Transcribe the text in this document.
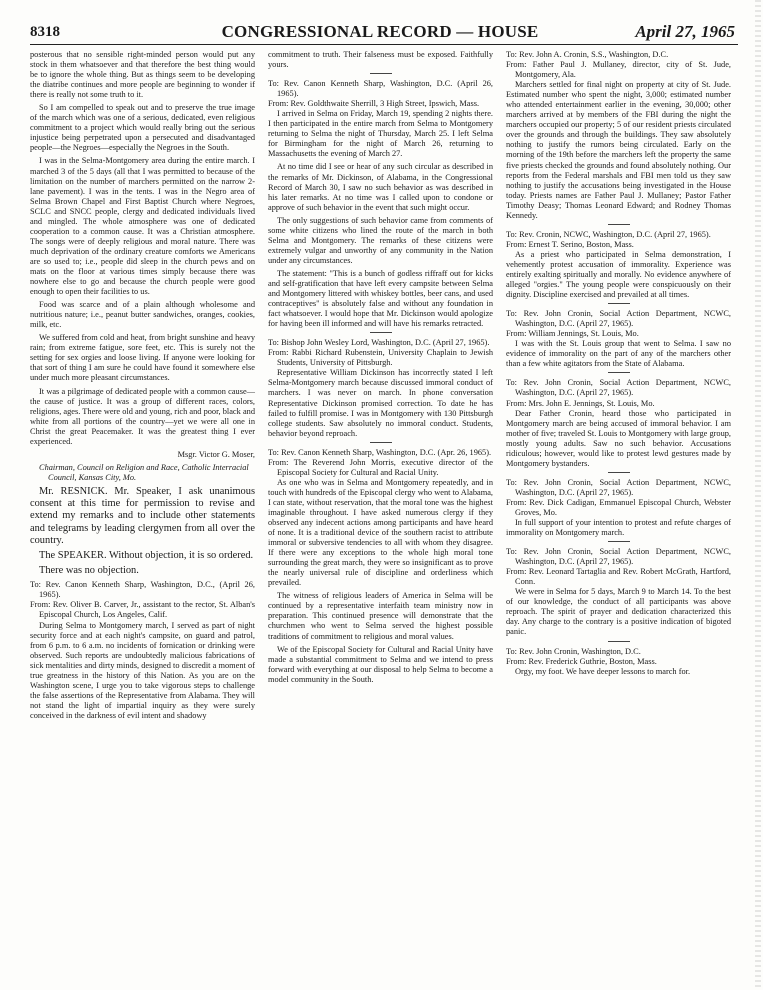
8318	CONGRESSIONAL RECORD — HOUSE	April 27, 1965

posterous that no sensible right-minded person would put any stock in them whatsoever and that therefore the best thing would be to ignore the whole thing. But as things seem to be developing the diatribe continues and more people are beginning to wonder if there is really not some truth to it.

So I am compelled to speak out and to preserve the true image of the march which was one of a serious, dedicated, even religious commitment to a project which would really bring out the serious injustice being perpetrated upon a persecuted and disadvantaged people—the Negroes—especially the Negroes in the South.

I was in the Selma-Montgomery area during the entire march. I marched 3 of the 5 days (all that I was permitted to because of the limitation on the number of marchers permitted on the narrow 2-lane pavement). I was in the tents. I was in the Negro area of Selma Brown Chapel and First Baptist Church where Negroes, SCLC and SNCC people, clergy and dedicated individuals lived and mingled. The whole atmosphere was one of dedicated cooperation to a common cause. It was a Christian atmosphere. The songs were of deeply religious and moral nature. There was much deprivation of the ordinary creature comforts we Americans are so used to; i.e., people did sleep in the church pews and on mats on the floor at various times simply because there was nowhere else to go and because the church people were good enough to open their facilities to us.

Food was scarce and of a plain although wholesome and nutritious nature; i.e., peanut butter sandwiches, oranges, cookies, milk, etc.

We suffered from cold and heat, from bright sunshine and heavy rain; from extreme fatigue, sore feet, etc. This is surely not the setting for sex orgies and loose living. If anyone were looking for that sort of thing I am sure he could have found it somewhere else under much more pleasant circumstances.

It was a pilgrimage of dedicated people with a common cause—the cause of justice. It was a group of different races, colors, religions, ages. There were old and young, rich and poor, black and white from all portions of the country—yet we were all one in Christ the great Peacemaker. It was the greatest thing I ever experienced.

Msgr. Victor G. Moser,

Chairman, Council on Religion and Race, Catholic Interracial Council, Kansas City, Mo.

Mr. RESNICK. Mr. Speaker, I ask unanimous consent at this time for permission to revise and extend my remarks and to include other statements and telegrams by leading clergymen from all over the country.

The SPEAKER. Without objection, it is so ordered.

There was no objection.

To: Rev. Canon Kenneth Sharp, Washington, D.C., (April 26, 1965).

From: Rev. Oliver B. Carver, Jr., assistant to the rector, St. Alban's Episcopal Church, Los Angeles, Calif.

During Selma to Montgomery march, I served as part of night security force and at each night's campsite, on guard and patrol, from 6 p.m. to 6 a.m. no incidents of fornication or drinking were observed. Such reports are undoubtedly malicious fabrications of sick mentalities and dirty minds, designed to discredit a moment of true greatness in the history of this Nation. As you are on the Washington scene, I urge you to take vigorous steps to challenge the false assertions of the Representative from Alabama. They will not stand the light of impartial inquiry as they were surely conceived in the darkness of evil intent and shadowy

commitment to truth. Their falseness must be exposed. Faithfully yours.

To: Rev. Canon Kenneth Sharp, Washington, D.C. (April 26, 1965).

From: Rev. Goldthwaite Sherrill, 3 High Street, Ipswich, Mass.

I arrived in Selma on Friday, March 19, spending 2 nights there. I then participated in the entire march from Selma to Montgomery returning to Selma the night of Thursday, March 25. I left Selma for Birmingham for the night of March 26, returning to Massachusetts the evening of March 27.

At no time did I see or hear of any such circular as described in the remarks of Mr. Dickinson, of Alabama, in the Congressional Record of March 30, I saw no such behavior as was described in his later remarks. At no time was I called upon to condone or approve of such behavior in the event that such might occur.

The only suggestions of such behavior came from comments of some white citizens who lined the route of the march in both Selma and Montgomery. The remarks of these citizens were extremely vulgar and unworthy of any community in the Nation under any circumstances.

The statement: "This is a bunch of godless riffraff out for kicks and self-gratification that have left every campsite between Selma and Montgomery littered with whiskey bottles, beer cans, and used contraceptives" is absolutely false and without any foundation in fact whatsoever. I would hope that Mr. Dickinson would apologize for having been ill informed and will have his remarks retracted.

To: Bishop John Wesley Lord, Washington, D.C. (April 27, 1965).

From: Rabbi Richard Rubenstein, University Chaplain to Jewish Students, University of Pittsburgh.

Representative William Dickinson has incorrectly stated I left Selma-Montgomery march because discussed immoral conduct of marchers. I was never on march. In phone conversation Representative Dickinson promised correction. To date he has failed to fulfill promise. I was in Montgomery with 130 Pittsburgh college students. Saw absolutely no immoral conduct. Students, behavior beyond reproach.

To: Rev. Canon Kenneth Sharp, Washington, D.C. (Apr. 26, 1965).

From: The Reverend John Morris, executive director of the Episcopal Society for Cultural and Racial Unity.

As one who was in Selma and Montgomery repeatedly, and in touch with hundreds of the Episcopal clergy who went to Alabama, I can state, without reservation, that the moral tone was the highest imaginable throughout. I have asked numerous clergy if they observed any indecent actions among participants and have heard of none. It is a traditional device of the southern racist to attribute immoral or subversive tendencies to all with whom they disagree. If there were any exceptions to the whole high moral tone surrounding the great march, they were so insignificant as to prove the nearly universal rule of discipline and orderliness which prevailed.

The witness of religious leaders of America in Selma will be continued by a representative interfaith team ministry now in preparation. This continued presence will demonstrate that the churchmen who went to Selma served the highest possible traditions of commitment to religious and moral values.

We of the Episcopal Society for Cultural and Racial Unity have made a substantial commitment to Selma and we intend to press forward with everything at our disposal to help Selma to become a model community in the South.

To: Rev. John A. Cronin, S.S., Washington, D.C.

From: Father Paul J. Mullaney, director, city of St. Jude, Montgomery, Ala.

Marchers settled for final night on property at city of St. Jude. Estimated number who spent the night, 3,000; estimated number who attended entertainment earlier in the evening, 30,000; other marchers arrived at by members of the FBI during the night the marchers occupied our property; 5 of our resident priests circulated over the grounds and through the buildings. They saw absolutely nothing to justify the rumors being circulated. Early on the morning of the 19th before the marchers left the property the same five priests checked the grounds and found absolutely nothing. Our reports from the Federal marshals and FBI men told us they saw nothing to justify the accusations being investigated in the House today. Priests names are Father Paul J. Mullaney; Pastor Father Timothy Deasy; Thomas Leonard Edward; and Rodney Thomas Kennedy.

To: Rev. Cronin, NCWC, Washington, D.C. (April 27, 1965).

From: Ernest T. Serino, Boston, Mass.

As a priest who participated in Selma demonstration, I vehemently protest accusation of immorality. Experience was entirely exalting spiritually and morally. No evidence anywhere of alleged "orgies." The young people were conspicuously on their dignity. Discipline exercised and prevailed at all times.

To: Rev. John Cronin, Social Action Department, NCWC, Washington, D.C. (April 27, 1965).

From: William Jennings, St. Louis, Mo.

I was with the St. Louis group that went to Selma. I saw no evidence of immorality on the part of any of the marchers other than a few white agitators from the State of Alabama.

To: Rev. John Cronin, Social Action Department, NCWC, Washington, D.C. (April 27, 1965).

From: Mrs. John E. Jennings, St. Louis, Mo.

Dear Father Cronin, heard those who participated in Montgomery march are being accused of immoral behavior. I am mother of five; traveled St. Louis to Montgomery with large group, mostly young adults. Saw no such behavior. Accusations ridiculous; however, would like to protest lewd gestures made by Montgomery bystanders.

To: Rev. John Cronin, Social Action Department, NCWC, Washington, D.C. (April 27, 1965).

From: Rev. Dick Cadigan, Emmanuel Episcopal Church, Webster Groves, Mo.

In full support of your intention to protest and refute charges of immorality on Montgomery march.

To: Rev. John Cronin, Social Action Department, NCWC, Washington, D.C. (April 27, 1965).

From: Rev. Leonard Tartaglia and Rev. Robert McGrath, Hartford, Conn.

We were in Selma for 5 days, March 9 to March 14. To the best of our knowledge, the conduct of all participants was above reproach. The spirit of prayer and dedication characterized this day. Any charge to the contrary is a positive indication of bigoted panic.

To: Rev. John Cronin, Washington, D.C.

From: Rev. Frederick Guthrie, Boston, Mass.

Orgy, my foot. We have deeper lessons to march for.
